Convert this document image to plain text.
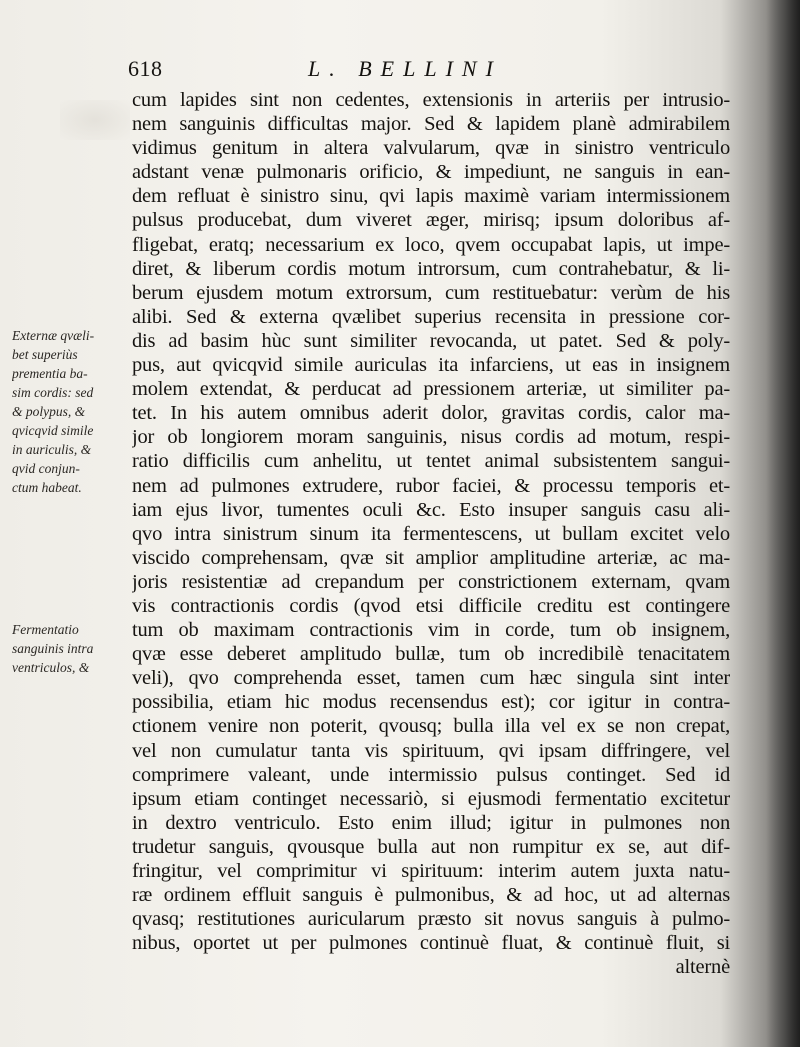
618	L. BELLINI
Externæ qvæli-
bet superiùs
prementia ba-
sim cordis: sed
& polypus, &
qvicqvid simile
in auriculis, &
qvid conjun-
ctum habeat.
Fermentatio
sanguinis intra
ventriculos, &
cum lapides sint non cedentes, extensionis in arteriis per intrusio-
nem sanguinis difficultas major. Sed & lapidem planè admirabilem
vidimus genitum in altera valvularum, qvæ in sinistro ventriculo
adstant venæ pulmonaris orificio, & impediunt, ne sanguis in ean-
dem refluat è sinistro sinu, qvi lapis maximè variam intermissionem
pulsus producebat, dum viveret æger, mirisq; ipsum doloribus af-
fligebat, eratq; necessarium ex loco, qvem occupabat lapis, ut impe-
diret, & liberum cordis motum introrsum, cum contrahebatur, & li-
berum ejusdem motum extrorsum, cum restituebatur: verùm de his
alibi. Sed & externa qvælibet superius recensita in pressione cor-
dis ad basim hùc sunt similiter revocanda, ut patet. Sed & poly-
pus, aut qvicqvid simile auriculas ita infarciens, ut eas in insignem
molem extendat, & perducat ad pressionem arteriæ, ut similiter pa-
tet. In his autem omnibus aderit dolor, gravitas cordis, calor ma-
jor ob longiorem moram sanguinis, nisus cordis ad motum, respi-
ratio difficilis cum anhelitu, ut tentet animal subsistentem sangui-
nem ad pulmones extrudere, rubor faciei, & processu temporis et-
iam ejus livor, tumentes oculi &c. Esto insuper sanguis casu ali-
qvo intra sinistrum sinum ita fermentescens, ut bullam excitet velo
viscido comprehensam, qvæ sit amplior amplitudine arteriæ, ac ma-
joris resistentiæ ad crepandum per constrictionem externam, qvam
vis contractionis cordis (qvod etsi difficile creditu est contingere
tum ob maximam contractionis vim in corde, tum ob insignem,
qvæ esse deberet amplitudo bullæ, tum ob incredibilè tenacitatem
veli), qvo comprehenda esset, tamen cum hæc singula sint inter
possibilia, etiam hic modus recensendus est); cor igitur in contra-
ctionem venire non poterit, qvousq; bulla illa vel ex se non crepat,
vel non cumulatur tanta vis spirituum, qvi ipsam diffringere, vel
comprimere valeant, unde intermissio pulsus continget. Sed id
ipsum etiam continget necessariò, si ejusmodi fermentatio excitetur
in dextro ventriculo. Esto enim illud; igitur in pulmones non
trudetur sanguis, qvousque bulla aut non rumpitur ex se, aut dif-
fringitur, vel comprimitur vi spirituum: interim autem juxta natu-
ræ ordinem effluit sanguis è pulmonibus, & ad hoc, ut ad alternas
qvasq; restitutiones auricularum præsto sit novus sanguis à pulmo-
nibus, oportet ut per pulmones continuè fluat, & continuè fluit, si
alternè
